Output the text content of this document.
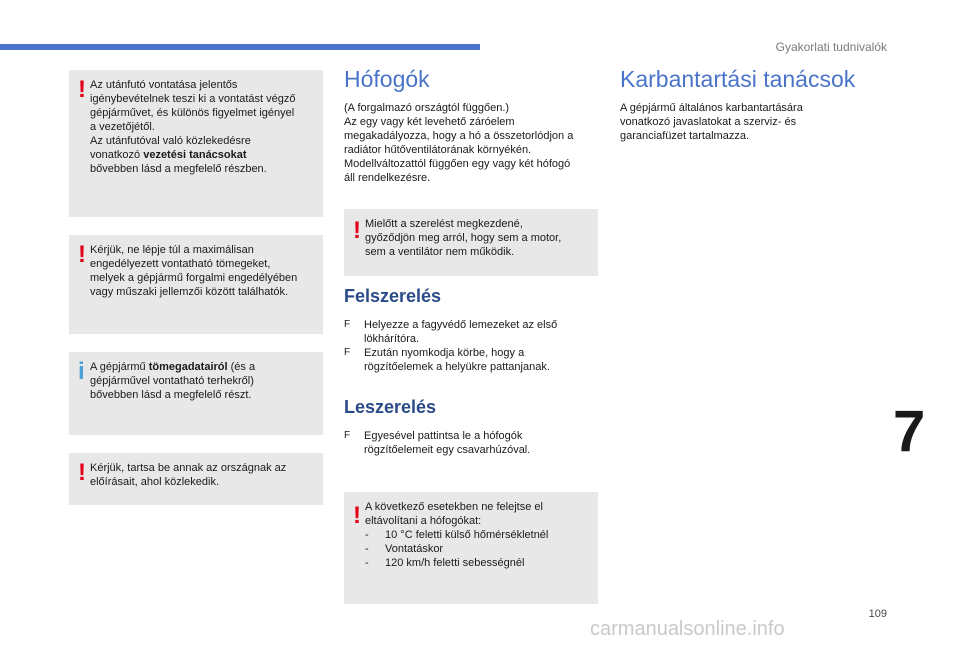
Gyakorlati tudnivalók
7
! Az utánfutó vontatása jelentős

igénybevételnek teszi ki a vontatást végző

gépjárművet, és különös figyelmet igényel

a vezetőjétől.

Az utánfutóval való közlekedésre

vonatkozó vezetési tanácsokat

bővebben lásd a megfelelő részben.

! Kérjük, ne lépje túl a maximálisan

engedélyezett vontatható tömegeket,

melyek a gépjármű forgalmi engedélyében

vagy műszaki jellemzői között találhatók.

i A gépjármű tömegadatairól (és a

gépjárművel vontatható terhekről)

bővebben lásd a megfelelő részt.

! Kérjük, tartsa be annak az országnak az

előírásait, ahol közlekedik.

Hófogók

(A forgalmazó országtól függően.)

Az egy vagy két levehető záróelem

megakadályozza, hogy a hó a összetorlódjon a

radiátor hűtőventilátorának környékén.

Modellváltozattól függően egy vagy két hófogó

áll rendelkezésre.

! Mielőtt a szerelést megkezdené,

győződjön meg arról, hogy sem a motor,

sem a ventilátor nem működik.

Felszerelés
F Helyezze a fagyvédő lemezeket az első
lökhárítóra.
F Ezután nyomkodja körbe, hogy a
rögzítőelemek a helyükre pattanjanak.
Leszerelés
F Egyesével pattintsa le a hófogók
rögzítőelemeit egy csavarhúzóval.
! A következő esetekben ne felejtse el

eltávolítani a hófogókat:

- 10 °C feletti külső hőmérsékletnél
- Vontatáskor
- 120 km/h feletti sebességnél
Karbantartási tanácsok

A gépjármű általános karbantartására

vonatkozó javaslatokat a szerviz- és

garanciafüzet tartalmazza.

109
carmanualsonline.info
